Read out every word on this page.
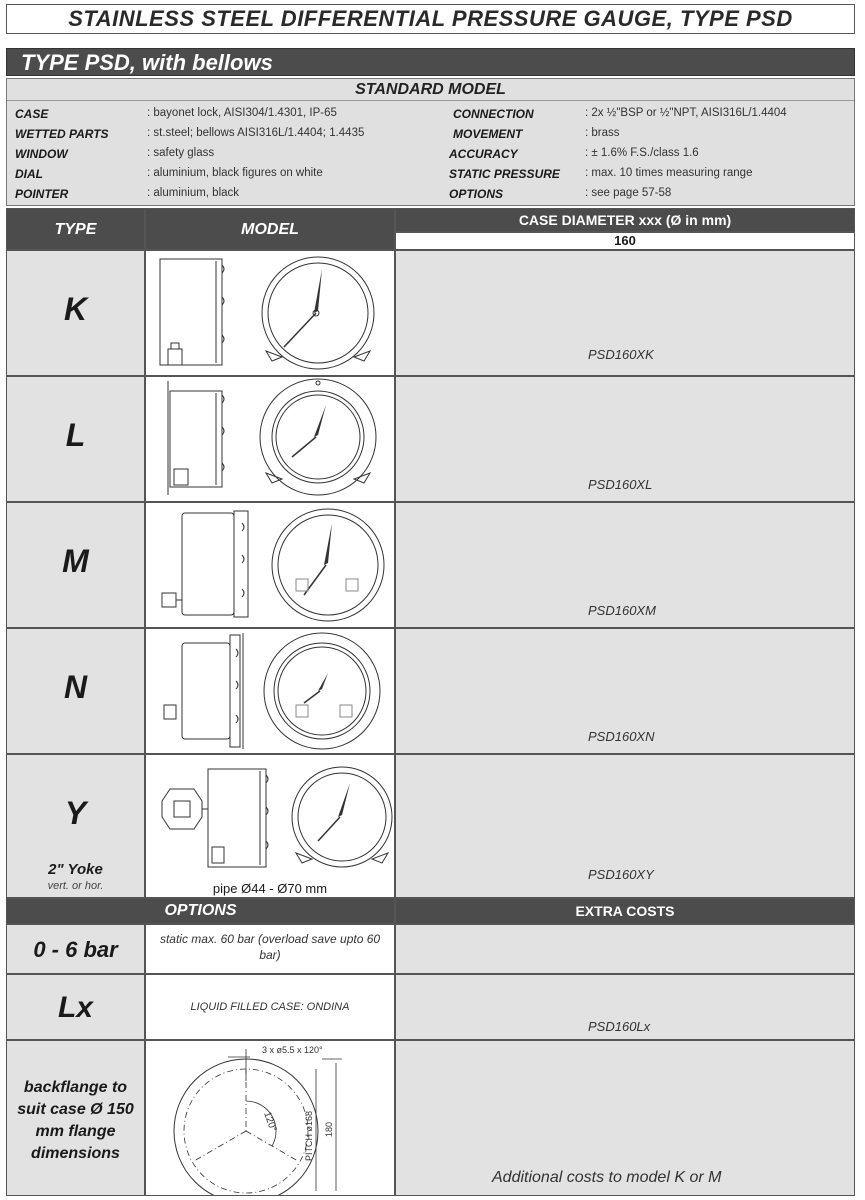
STAINLESS STEEL DIFFERENTIAL PRESSURE GAUGE, TYPE PSD
TYPE PSD, with bellows
STANDARD MODEL
CASE	: bayonet lock, AISI304/1.4301, IP-65
WETTED PARTS	: st.steel; bellows AISI316L/1.4404; 1.4435
WINDOW	: safety glass
DIAL	: aluminium, black figures on white
POINTER	: aluminium, black
CONNECTION	: 2x ½"BSP or ½"NPT, AISI316L/1.4404
MOVEMENT	: brass
ACCURACY	: ± 1.6% F.S./class 1.6
STATIC PRESSURE : max. 10 times measuring range
OPTIONS	: see page 57-58
TYPE	MODEL
CASE DIAMETER xxx (Ø in mm)
160
K
PSD160XK
L
PSD160XL
M
PSD160XM
N
PSD160XN
Y
2" Yoke
vert. or hor.	pipe Ø44 - Ø70 mm
PSD160XY
OPTIONS	EXTRA COSTS
0 - 6 bar	static max. 60 bar (overload save upto 60 bar)
Lx	LIQUID FILLED CASE: ONDINA
PSD160Lx
backflange to suit case Ø 150 mm flange dimensions
3 x ø5.5 x 120°
120°	PITCH ø168 180
Additional costs to model K or M
